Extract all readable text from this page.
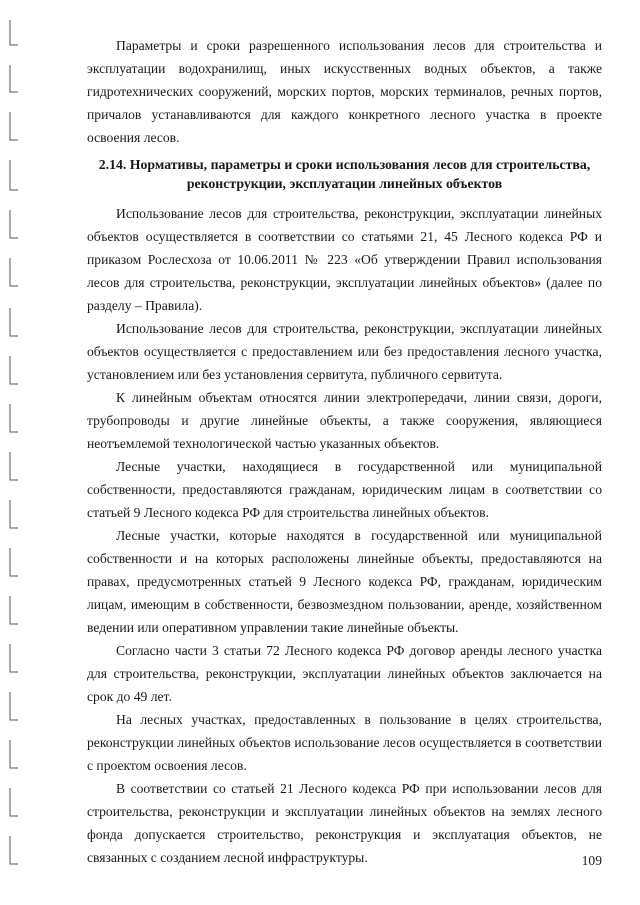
Параметры и сроки разрешенного использования лесов для строительства и эксплуатации водохранилищ, иных искусственных водных объектов, а также гидротехнических сооружений, морских портов, морских терминалов, речных портов, причалов устанавливаются для каждого конкретного лесного участка в проекте освоения лесов.

2.14. Нормативы, параметры и сроки использования лесов для строительства, реконструкции, эксплуатации линейных объектов

Использование лесов для строительства, реконструкции, эксплуатации линейных объектов осуществляется в соответствии со статьями 21, 45 Лесного кодекса РФ и приказом Рослесхоза от 10.06.2011 № 223 «Об утверждении Правил использования лесов для строительства, реконструкции, эксплуатации линейных объектов» (далее по разделу – Правила).

Использование лесов для строительства, реконструкции, эксплуатации линейных объектов осуществляется с предоставлением или без предоставления лесного участка, установлением или без установления сервитута, публичного сервитута.

К линейным объектам относятся линии электропередачи, линии связи, дороги, трубопроводы и другие линейные объекты, а также сооружения, являющиеся неотъемлемой технологической частью указанных объектов.

Лесные участки, находящиеся в государственной или муниципальной собственности, предоставляются гражданам, юридическим лицам в соответствии со статьей 9 Лесного кодекса РФ для строительства линейных объектов.

Лесные участки, которые находятся в государственной или муниципальной собственности и на которых расположены линейные объекты, предоставляются на правах, предусмотренных статьей 9 Лесного кодекса РФ, гражданам, юридическим лицам, имеющим в собственности, безвозмездном пользовании, аренде, хозяйственном ведении или оперативном управлении такие линейные объекты.

Согласно части 3 статьи 72 Лесного кодекса РФ договор аренды лесного участка для строительства, реконструкции, эксплуатации линейных объектов заключается на срок до 49 лет.

На лесных участках, предоставленных в пользование в целях строительства, реконструкции линейных объектов использование лесов осуществляется в соответствии с проектом освоения лесов.

В соответствии со статьей 21 Лесного кодекса РФ при использовании лесов для строительства, реконструкции и эксплуатации линейных объектов на землях лесного фонда допускается строительство, реконструкция и эксплуатация объектов, не связанных с созданием лесной инфраструктуры.	109
